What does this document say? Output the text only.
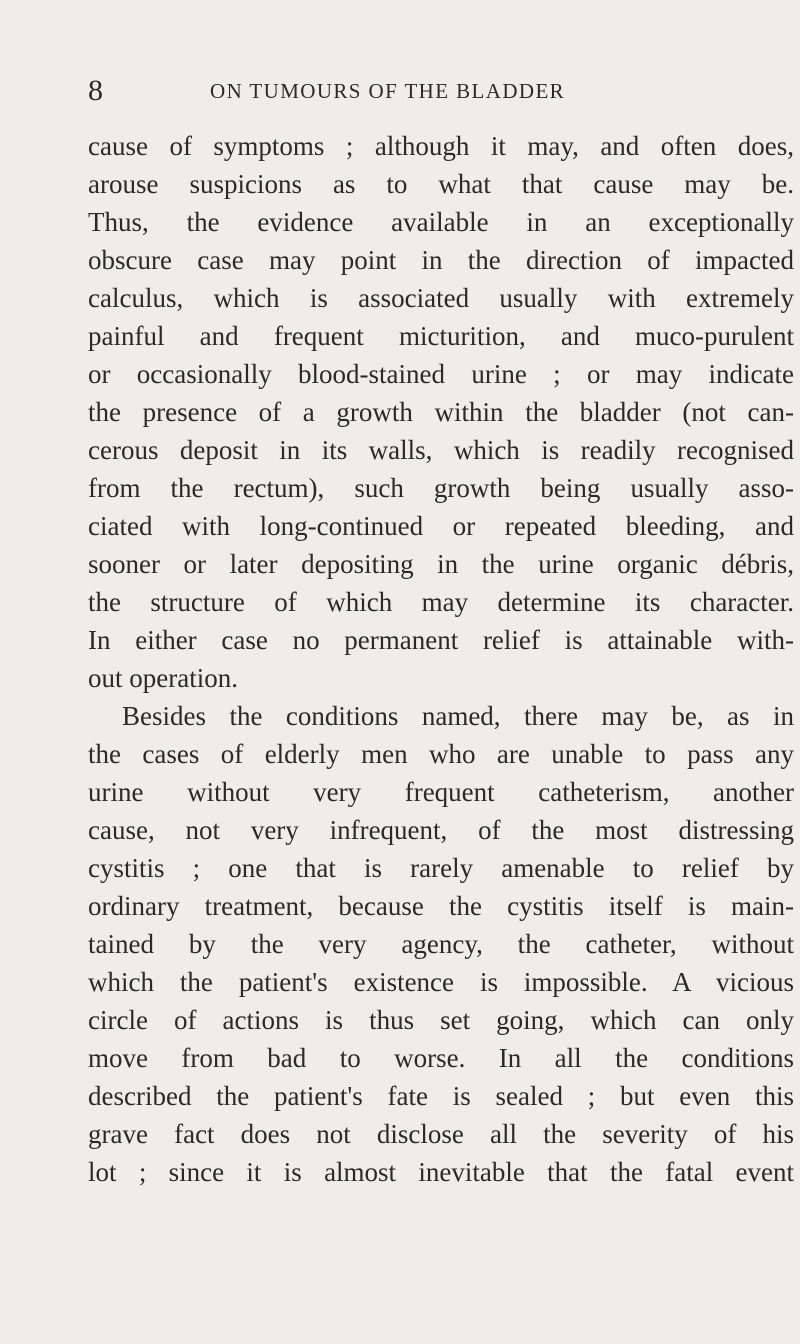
8	ON TUMOURS OF THE BLADDER
cause of symptoms ; although it may, and often does,
arouse suspicions as to what that cause may be.
Thus, the evidence available in an exceptionally
obscure case may point in the direction of impacted
calculus, which is associated usually with extremely
painful and frequent micturition, and muco-purulent
or occasionally blood-stained urine ; or may indicate
the presence of a growth within the bladder (not can-
cerous deposit in its walls, which is readily recognised
from the rectum), such growth being usually asso-
ciated with long-continued or repeated bleeding, and
sooner or later depositing in the urine organic débris,
the structure of which may determine its character.
In either case no permanent relief is attainable with-
out operation.
Besides the conditions named, there may be, as in
the cases of elderly men who are unable to pass any
urine without very frequent catheterism, another
cause, not very infrequent, of the most distressing
cystitis ; one that is rarely amenable to relief by
ordinary treatment, because the cystitis itself is main-
tained by the very agency, the catheter, without
which the patient's existence is impossible. A vicious
circle of actions is thus set going, which can only
move from bad to worse. In all the conditions
described the patient's fate is sealed ; but even this
grave fact does not disclose all the severity of his
lot ; since it is almost inevitable that the fatal event
